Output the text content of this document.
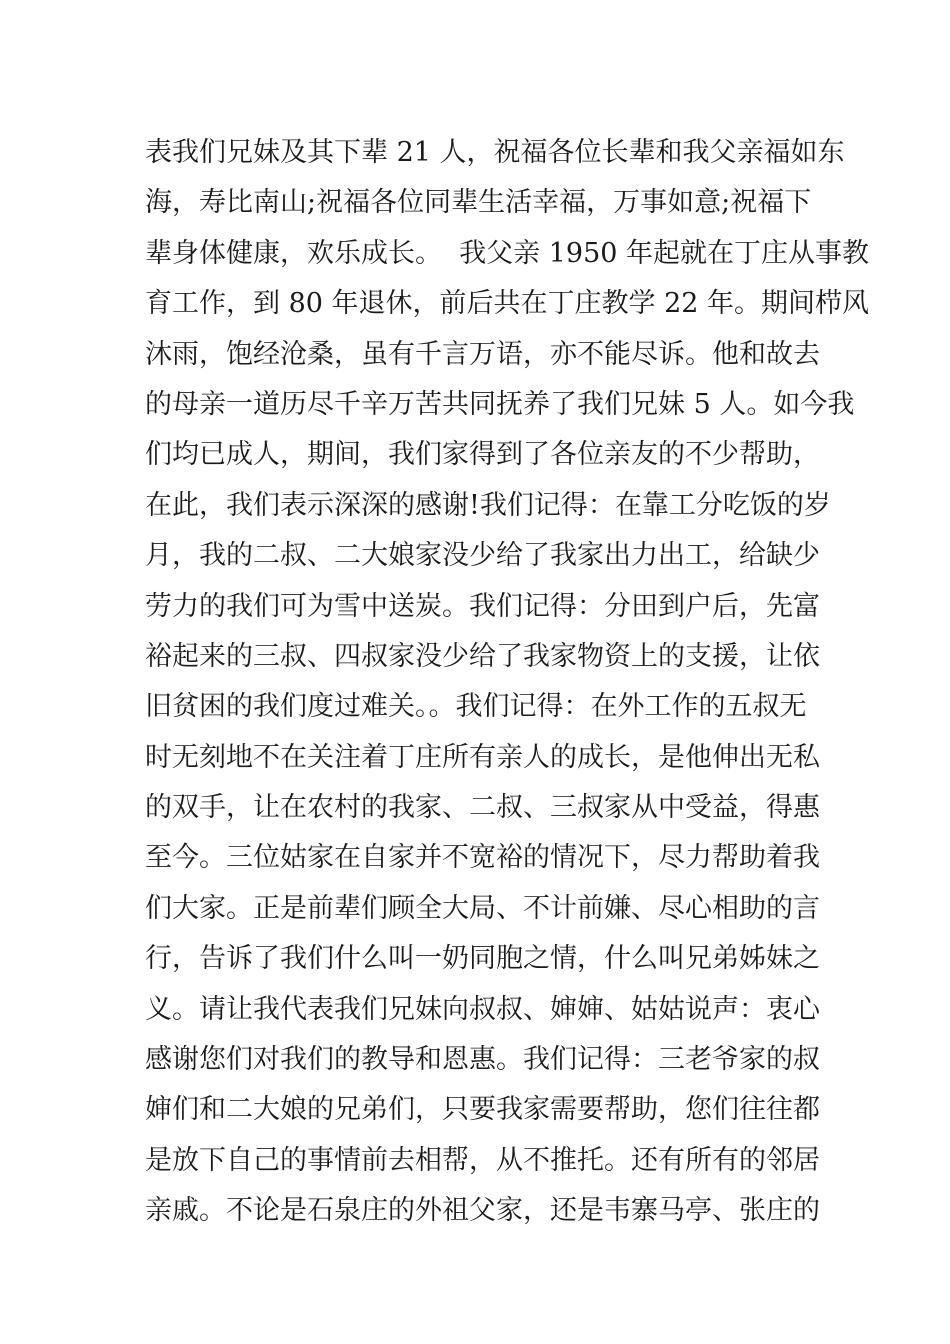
表我们兄妹及其下辈 21 人，祝福各位长辈和我父亲福如东
海，寿比南山;祝福各位同辈生活幸福，万事如意;祝福下
辈身体健康，欢乐成长。  我父亲 1950 年起就在丁庄从事教
育工作，到 80 年退休，前后共在丁庄教学 22 年。期间栉风
沐雨，饱经沧桑，虽有千言万语，亦不能尽诉。他和故去
的母亲一道历尽千辛万苦共同抚养了我们兄妹 5 人。如今我
们均已成人，期间，我们家得到了各位亲友的不少帮助，
在此，我们表示深深的感谢!我们记得：在靠工分吃饭的岁
月，我的二叔、二大娘家没少给了我家出力出工，给缺少
劳力的我们可为雪中送炭。我们记得：分田到户后，先富
裕起来的三叔、四叔家没少给了我家物资上的支援，让依
旧贫困的我们度过难关。。我们记得：在外工作的五叔无
时无刻地不在关注着丁庄所有亲人的成长，是他伸出无私
的双手，让在农村的我家、二叔、三叔家从中受益，得惠
至今。三位姑家在自家并不宽裕的情况下，尽力帮助着我
们大家。正是前辈们顾全大局、不计前嫌、尽心相助的言
行，告诉了我们什么叫一奶同胞之情，什么叫兄弟姊妹之
义。请让我代表我们兄妹向叔叔、婶婶、姑姑说声：衷心
感谢您们对我们的教导和恩惠。我们记得：三老爷家的叔
婶们和二大娘的兄弟们，只要我家需要帮助，您们往往都
是放下自己的事情前去相帮，从不推托。还有所有的邻居
亲戚。不论是石泉庄的外祖父家，还是韦寨马亭、张庄的
